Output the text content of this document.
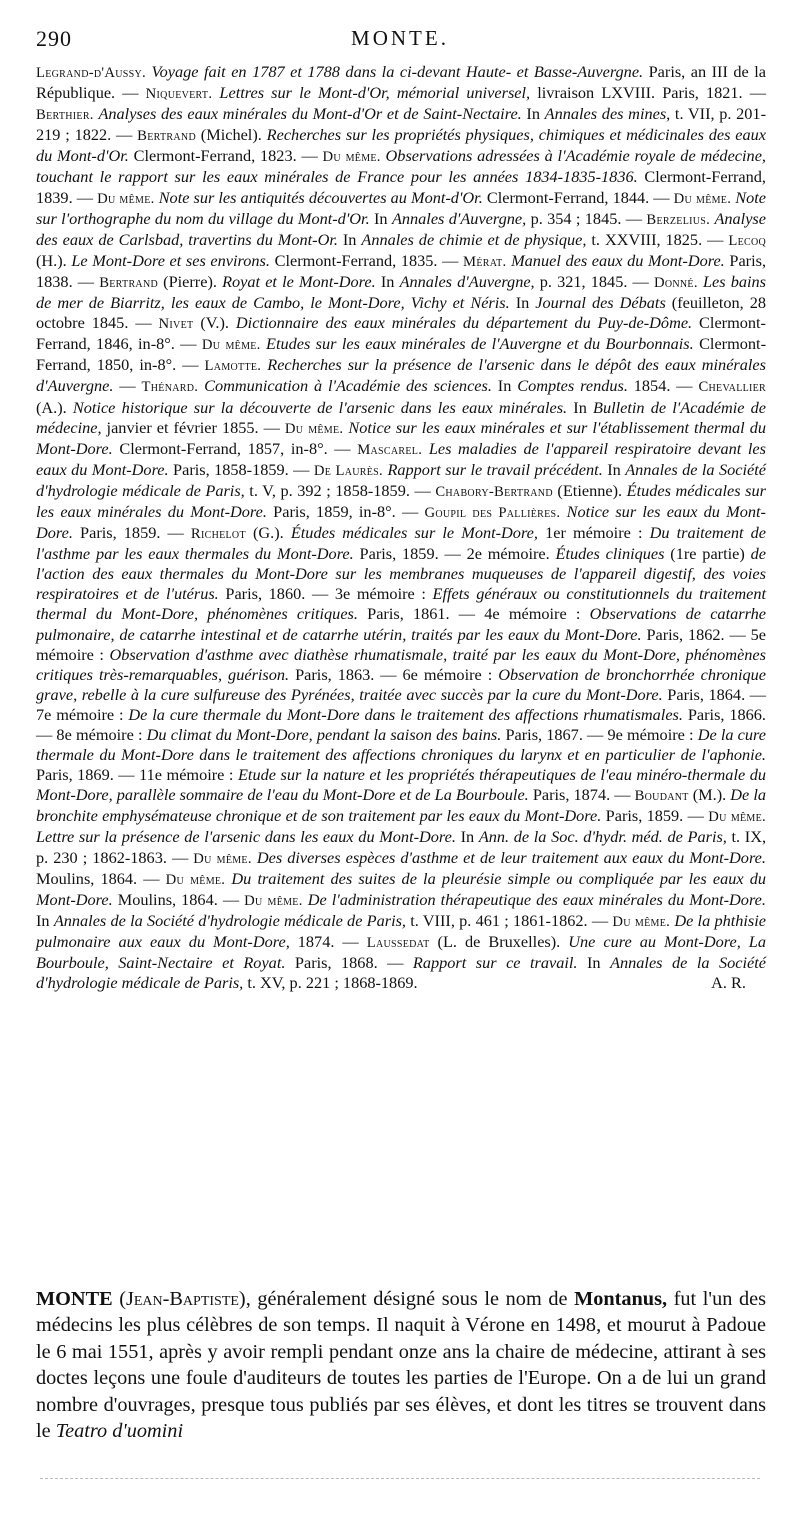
290	MONTE.
Legrand-d'Aussy. Voyage fait en 1787 et 1788 dans la ci-devant Haute- et Basse-Auvergne. Paris, an III de la République. — Niquevert. Lettres sur le Mont-d'Or, mémorial universel, livraison LXVIII. Paris, 1821. — Berthier. Analyses des eaux minérales du Mont-d'Or et de Saint-Nectaire. In Annales des mines, t. VII, p. 201-219 ; 1822. — Bertrand (Michel). Recherches sur les propriétés physiques, chimiques et médicinales des eaux du Mont-d'Or. Clermont-Ferrand, 1823. — Du même. Observations adressées à l'Académie royale de médecine, touchant le rapport sur les eaux minérales de France pour les années 1834-1835-1836. Clermont-Ferrand, 1839. — Du même. Note sur les antiquités découvertes au Mont-d'Or. Clermont-Ferrand, 1844. — Du même. Note sur l'orthographe du nom du village du Mont-d'Or. In Annales d'Auvergne, p. 354 ; 1845. — Berzelius. Analyse des eaux de Carlsbad, travertins du Mont-Or. In Annales de chimie et de physique, t. XXVIII, 1825. — Lecoq (H.). Le Mont-Dore et ses environs. Clermont-Ferrand, 1835. — Mérat. Manuel des eaux du Mont-Dore. Paris, 1838. — Bertrand (Pierre). Royat et le Mont-Dore. In Annales d'Auvergne, p. 321, 1845. — Donné. Les bains de mer de Biarritz, les eaux de Cambo, le Mont-Dore, Vichy et Néris. In Journal des Débats (feuilleton, 28 octobre 1845. — Nivet (V.). Dictionnaire des eaux minérales du département du Puy-de-Dôme. Clermont-Ferrand, 1846, in-8°. — Du même. Etudes sur les eaux minérales de l'Auvergne et du Bourbonnais. Clermont-Ferrand, 1850, in-8°. — Lamotte. Recherches sur la présence de l'arsenic dans le dépôt des eaux minérales d'Auvergne. — Thénard. Communication à l'Académie des sciences. In Comptes rendus. 1854. — Chevallier (A.). Notice historique sur la découverte de l'arsenic dans les eaux minérales. In Bulletin de l'Académie de médecine, janvier et février 1855. — Du même. Notice sur les eaux minérales et sur l'établissement thermal du Mont-Dore. Clermont-Ferrand, 1857, in-8°. — Mascarel. Les maladies de l'appareil respiratoire devant les eaux du Mont-Dore. Paris, 1858-1859. — De Laurès. Rapport sur le travail précédent. In Annales de la Société d'hydrologie médicale de Paris, t. V, p. 392 ; 1858-1859. — Chabory-Bertrand (Etienne). Études médicales sur les eaux minérales du Mont-Dore. Paris, 1859, in-8°. — Goupil des Pallières. Notice sur les eaux du Mont-Dore. Paris, 1859. — Richelot (G.). Études médicales sur le Mont-Dore, 1er mémoire : Du traitement de l'asthme par les eaux thermales du Mont-Dore. Paris, 1859. — 2e mémoire. Études cliniques (1re partie) de l'action des eaux thermales du Mont-Dore sur les membranes muqueuses de l'appareil digestif, des voies respiratoires et de l'utérus. Paris, 1860. — 3e mémoire : Effets généraux ou constitutionnels du traitement thermal du Mont-Dore, phénomènes critiques. Paris, 1861. — 4e mémoire : Observations de catarrhe pulmonaire, de catarrhe intestinal et de catarrhe utérin, traités par les eaux du Mont-Dore. Paris, 1862. — 5e mémoire : Observation d'asthme avec diathèse rhumatismale, traité par les eaux du Mont-Dore, phénomènes critiques très-remarquables, guérison. Paris, 1863. — 6e mémoire : Observation de bronchorrhée chronique grave, rebelle à la cure sulfureuse des Pyrénées, traitée avec succès par la cure du Mont-Dore. Paris, 1864. — 7e mémoire : De la cure thermale du Mont-Dore dans le traitement des affections rhumatismales. Paris, 1866. — 8e mémoire : Du climat du Mont-Dore, pendant la saison des bains. Paris, 1867. — 9e mémoire : De la cure thermale du Mont-Dore dans le traitement des affections chroniques du larynx et en particulier de l'aphonie. Paris, 1869. — 11e mémoire : Etude sur la nature et les propriétés thérapeutiques de l'eau minéro-thermale du Mont-Dore, parallèle sommaire de l'eau du Mont-Dore et de La Bourboule. Paris, 1874. — Boudant (M.). De la bronchite emphysémateuse chronique et de son traitement par les eaux du Mont-Dore. Paris, 1859. — Du même. Lettre sur la présence de l'arsenic dans les eaux du Mont-Dore. In Ann. de la Soc. d'hydr. méd. de Paris, t. IX, p. 230 ; 1862-1863. — Du même. Des diverses espèces d'asthme et de leur traitement aux eaux du Mont-Dore. Moulins, 1864. — Du même. Du traitement des suites de la pleurésie simple ou compliquée par les eaux du Mont-Dore. Moulins, 1864. — Du même. De l'administration thérapeutique des eaux minérales du Mont-Dore. In Annales de la Société d'hydrologie médicale de Paris, t. VIII, p. 461 ; 1861-1862. — Du même. De la phthisie pulmonaire aux eaux du Mont-Dore, 1874. — Laussedat (L. de Bruxelles). Une cure au Mont-Dore, La Bourboule, Saint-Nectaire et Royat. Paris, 1868. — Rapport sur ce travail. In Annales de la Société d'hydrologie médicale de Paris, t. XV, p. 221 ; 1868-1869.	A. R.
MONTE (Jean-Baptiste), généralement désigné sous le nom de Montanus, fut l'un des médecins les plus célèbres de son temps. Il naquit à Vérone en 1498, et mourut à Padoue le 6 mai 1551, après y avoir rempli pendant onze ans la chaire de médecine, attirant à ses doctes leçons une foule d'auditeurs de toutes les parties de l'Europe. On a de lui un grand nombre d'ouvrages, presque tous publiés par ses élèves, et dont les titres se trouvent dans le Teatro d'uomini
